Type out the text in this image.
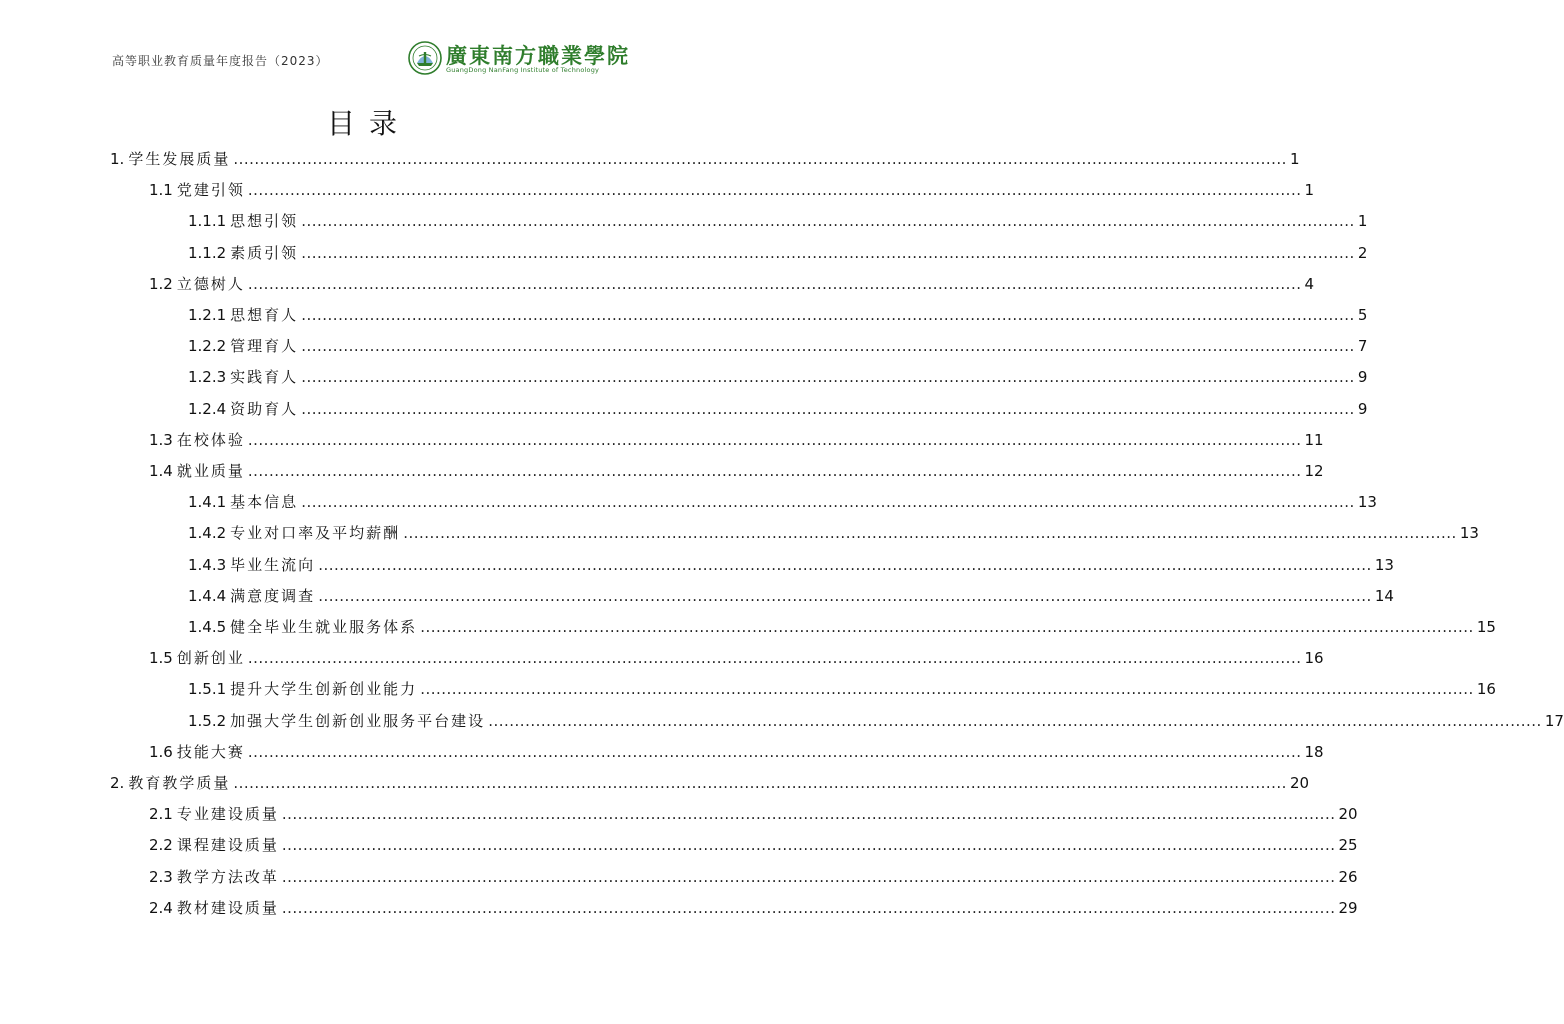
高等职业教育质量年度报告（2023）	廣東南方職業學院
GuangDong NanFang Institute of Technology
目录
1. 学生发展质量 ........................................................................................................................................................................................................ 1
1.1 党建引领 ........................................................................................................................................................................................................ 1
1.1.1 思想引领 ........................................................................................................................................................................................................ 1
1.1.2 素质引领 ........................................................................................................................................................................................................ 2
1.2 立德树人 ........................................................................................................................................................................................................ 4
1.2.1 思想育人 ........................................................................................................................................................................................................ 5
1.2.2 管理育人 ........................................................................................................................................................................................................ 7
1.2.3 实践育人 ........................................................................................................................................................................................................ 9
1.2.4 资助育人 ........................................................................................................................................................................................................ 9
1.3 在校体验 ........................................................................................................................................................................................................ 11
1.4 就业质量 ........................................................................................................................................................................................................ 12
1.4.1 基本信息 ........................................................................................................................................................................................................ 13
1.4.2 专业对口率及平均薪酬 ........................................................................................................................................................................................................ 13
1.4.3 毕业生流向 ........................................................................................................................................................................................................ 13
1.4.4 满意度调查 ........................................................................................................................................................................................................ 14
1.4.5 健全毕业生就业服务体系 ........................................................................................................................................................................................................ 15
1.5 创新创业 ........................................................................................................................................................................................................ 16
1.5.1 提升大学生创新创业能力 ........................................................................................................................................................................................................ 16
1.5.2 加强大学生创新创业服务平台建设 ........................................................................................................................................................................................................ 17
1.6 技能大赛 ........................................................................................................................................................................................................ 18
2. 教育教学质量 ........................................................................................................................................................................................................ 20
2.1 专业建设质量 ........................................................................................................................................................................................................ 20
2.2 课程建设质量 ........................................................................................................................................................................................................ 25
2.3 教学方法改革 ........................................................................................................................................................................................................ 26
2.4 教材建设质量 ........................................................................................................................................................................................................ 29
